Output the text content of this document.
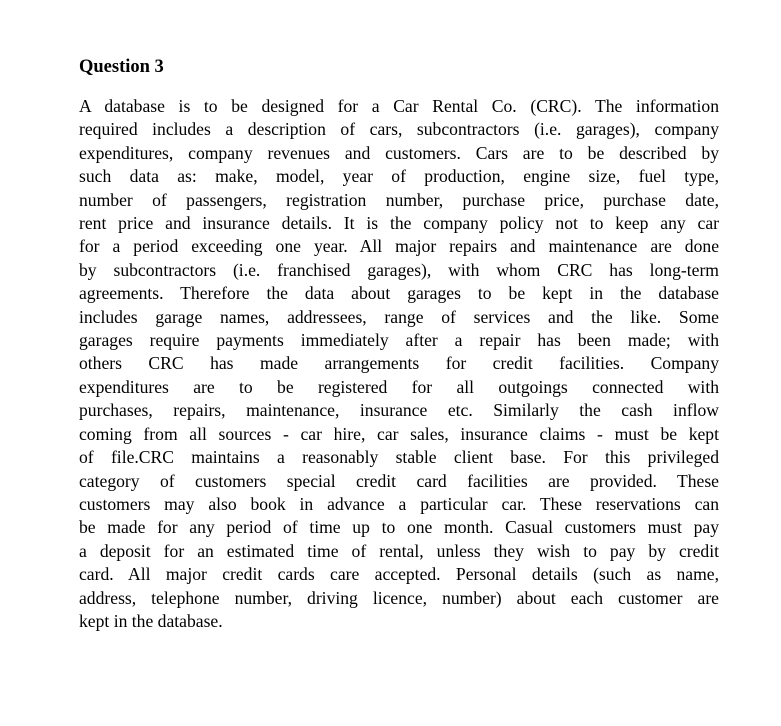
Question 3
A database is to be designed for a Car Rental Co. (CRC). The information
required includes a description of cars, subcontractors (i.e. garages), company
expenditures, company revenues and customers. Cars are to be described by
such data as: make, model, year of production, engine size, fuel type,
number of passengers, registration number, purchase price, purchase date,
rent price and insurance details. It is the company policy not to keep any car
for a period exceeding one year. All major repairs and maintenance are done
by subcontractors (i.e. franchised garages), with whom CRC has long-term
agreements. Therefore the data about garages to be kept in the database
includes garage names, addressees, range of services and the like. Some
garages require payments immediately after a repair has been made; with
others CRC has made arrangements for credit facilities. Company
expenditures are to be registered for all outgoings connected with
purchases, repairs, maintenance, insurance etc. Similarly the cash inflow
coming from all sources - car hire, car sales, insurance claims - must be kept
of file.CRC maintains a reasonably stable client base. For this privileged
category of customers special credit card facilities are provided. These
customers may also book in advance a particular car. These reservations can
be made for any period of time up to one month. Casual customers must pay
a deposit for an estimated time of rental, unless they wish to pay by credit
card. All major credit cards care accepted. Personal details (such as name,
address, telephone number, driving licence, number) about each customer are
kept in the database.
